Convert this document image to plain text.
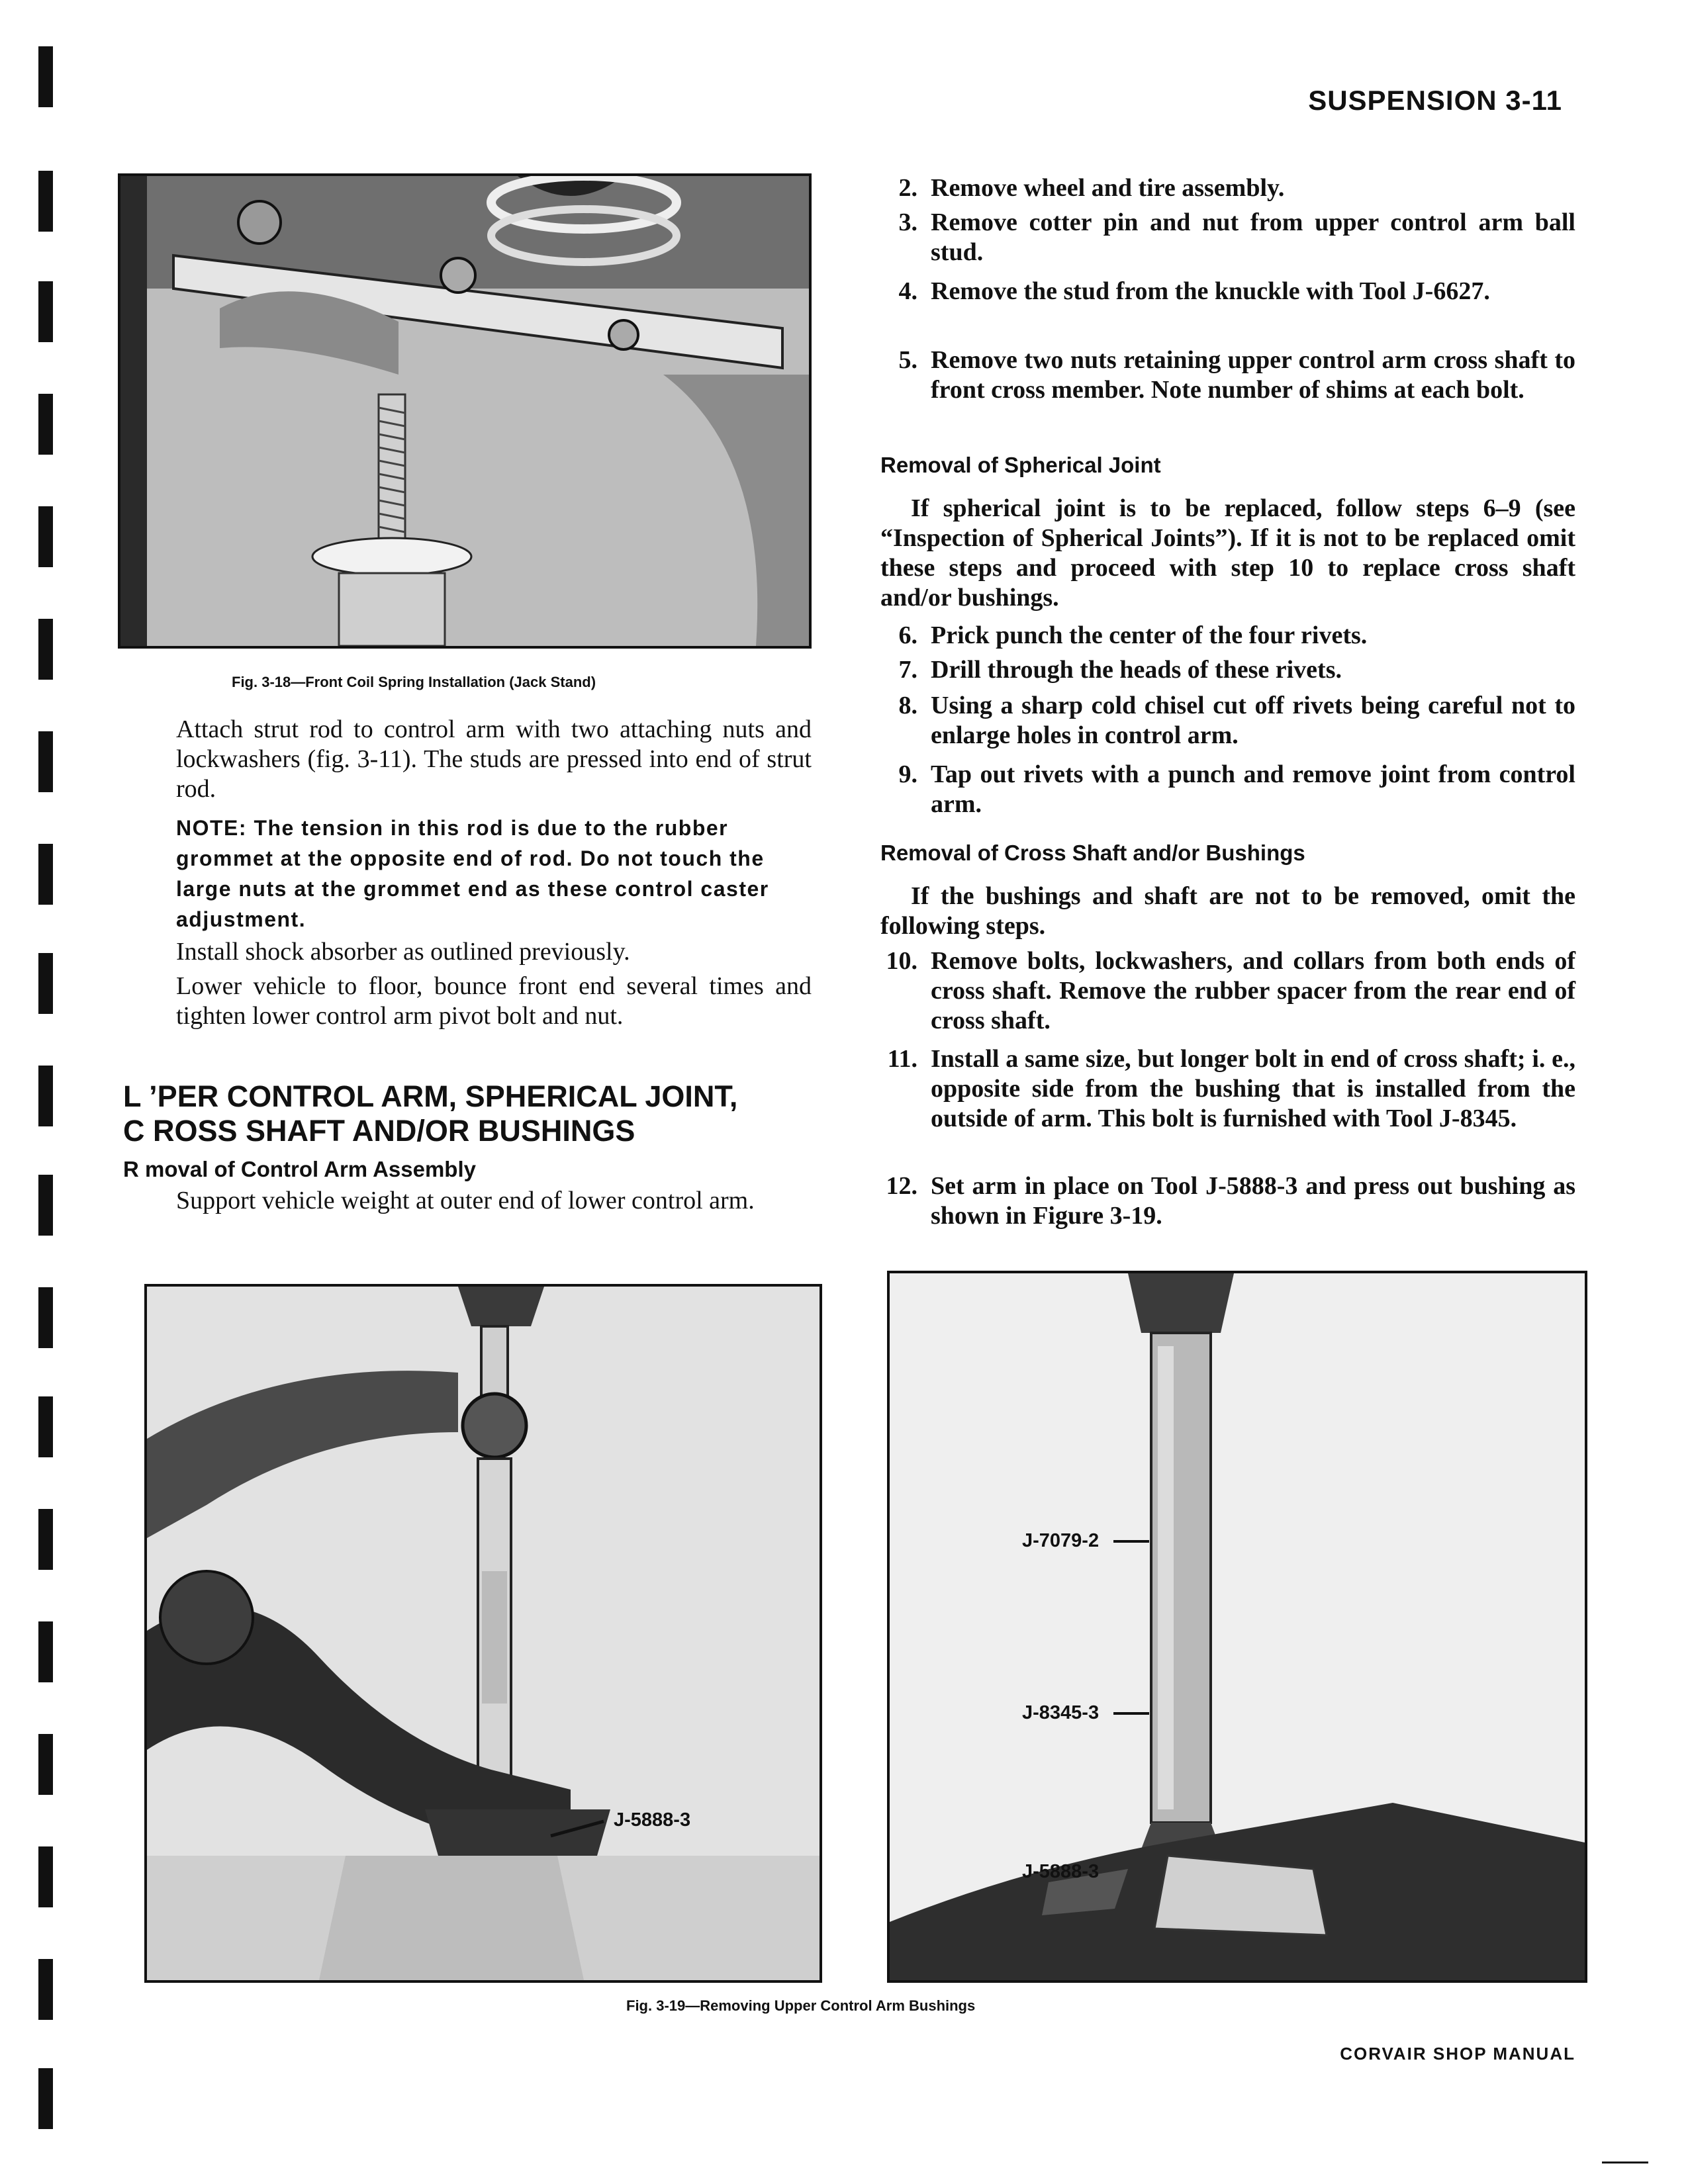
SUSPENSION 3-11
Fig. 3-18—Front Coil Spring Installation (Jack Stand)
Attach strut rod to control arm with two attaching nuts and lockwashers (fig. 3-11). The studs are pressed into end of strut rod.
NOTE: The tension in this rod is due to the rubber grommet at the opposite end of rod. Do not touch the large nuts at the grommet end as these control caster adjustment.
Install shock absorber as outlined previously.
Lower vehicle to floor, bounce front end several times and tighten lower control arm pivot bolt and nut.
L ’PER CONTROL ARM, SPHERICAL JOINT,
C ⁠ROSS SHAFT AND/OR BUSHINGS
R moval of Control Arm Assembly
Support vehicle weight at outer end of lower control arm.
2. Remove wheel and tire assembly.
3. Remove cotter pin and nut from upper control arm ball stud.
4. Remove the stud from the knuckle with Tool J-6627.
5. Remove two nuts retaining upper control arm cross shaft to front cross member. Note number of shims at each bolt.
Removal of Spherical Joint
If spherical joint is to be replaced, follow steps 6–9 (see “Inspection of Spherical Joints”). If it is not to be replaced omit these steps and proceed with step 10 to replace cross shaft and/or bushings.
6. Prick punch the center of the four rivets.
7. Drill through the heads of these rivets.
8. Using a sharp cold chisel cut off rivets being careful not to enlarge holes in control arm.
9. Tap out rivets with a punch and remove joint from control arm.
Removal of Cross Shaft and/or Bushings
If the bushings and shaft are not to be removed, omit the following steps.
10. Remove bolts, lockwashers, and collars from both ends of cross shaft. Remove the rubber spacer from the rear end of cross shaft.
11. Install a same size, but longer bolt in end of cross shaft; i. e., opposite side from the bushing that is installed from the outside of arm. This bolt is furnished with Tool J-8345.
12. Set arm in place on Tool J-5888-3 and press out bushing as shown in Figure 3-19.
J-5888-3
J-7079-2
J-8345-3
J-5888-3
Fig. 3-19—Removing Upper Control Arm Bushings
CORVAIR SHOP MANUAL
